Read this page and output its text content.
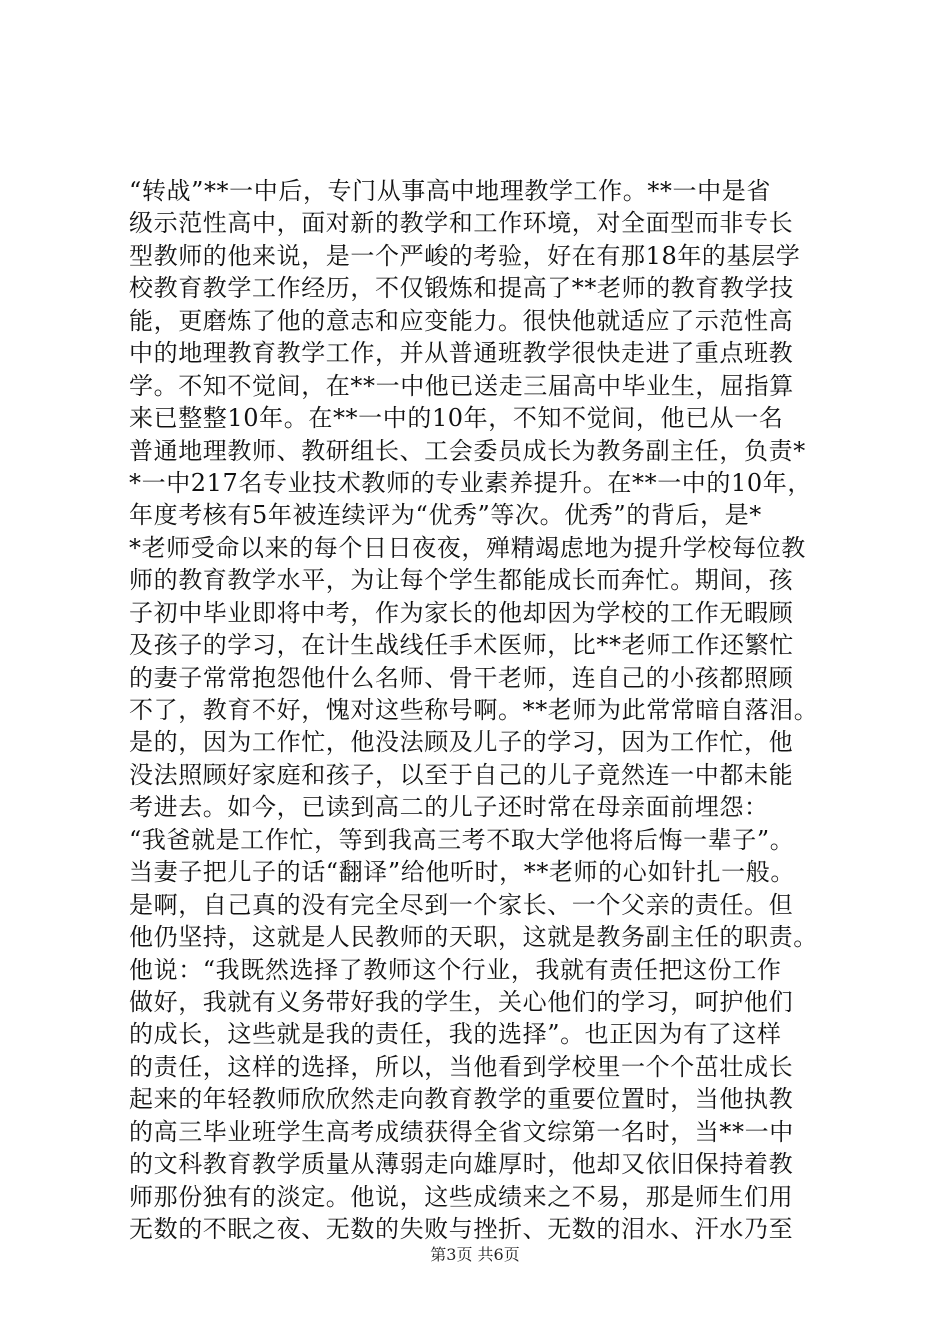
“转战”**一中后，专门从事高中地理教学工作。**一中是省
级示范性高中，面对新的教学和工作环境，对全面型而非专长
型教师的他来说，是一个严峻的考验，好在有那18年的基层学
校教育教学工作经历，不仅锻炼和提高了**老师的教育教学技
能，更磨炼了他的意志和应变能力。很快他就适应了示范性高
中的地理教育教学工作，并从普通班教学很快走进了重点班教
学。不知不觉间，在**一中他已送走三届高中毕业生，屈指算
来已整整10年。在**一中的10年，不知不觉间，他已从一名
普通地理教师、教研组长、工会委员成长为教务副主任，负责*
*一中217名专业技术教师的专业素养提升。在**一中的10年，
年度考核有5年被连续评为“优秀”等次。优秀”的背后，是*
*老师受命以来的每个日日夜夜，殚精竭虑地为提升学校每位教
师的教育教学水平，为让每个学生都能成长而奔忙。期间，孩
子初中毕业即将中考，作为家长的他却因为学校的工作无暇顾
及孩子的学习，在计生战线任手术医师，比**老师工作还繁忙
的妻子常常抱怨他什么名师、骨干老师，连自己的小孩都照顾
不了，教育不好，愧对这些称号啊。**老师为此常常暗自落泪。
是的，因为工作忙，他没法顾及儿子的学习，因为工作忙，他
没法照顾好家庭和孩子，以至于自己的儿子竟然连一中都未能
考进去。如今，已读到高二的儿子还时常在母亲面前埋怨：
“我爸就是工作忙，等到我高三考不取大学他将后悔一辈子”。
当妻子把儿子的话“翻译”给他听时，**老师的心如针扎一般。
是啊，自己真的没有完全尽到一个家长、一个父亲的责任。但
他仍坚持，这就是人民教师的天职，这就是教务副主任的职责。
他说：“我既然选择了教师这个行业，我就有责任把这份工作
做好，我就有义务带好我的学生，关心他们的学习，呵护他们
的成长，这些就是我的责任，我的选择”。也正因为有了这样
的责任，这样的选择，所以，当他看到学校里一个个茁壮成长
起来的年轻教师欣欣然走向教育教学的重要位置时，当他执教
的高三毕业班学生高考成绩获得全省文综第一名时，当**一中
的文科教育教学质量从薄弱走向雄厚时，他却又依旧保持着教
师那份独有的淡定。他说，这些成绩来之不易，那是师生们用
无数的不眠之夜、无数的失败与挫折、无数的泪水、汗水乃至
第3页 共6页
